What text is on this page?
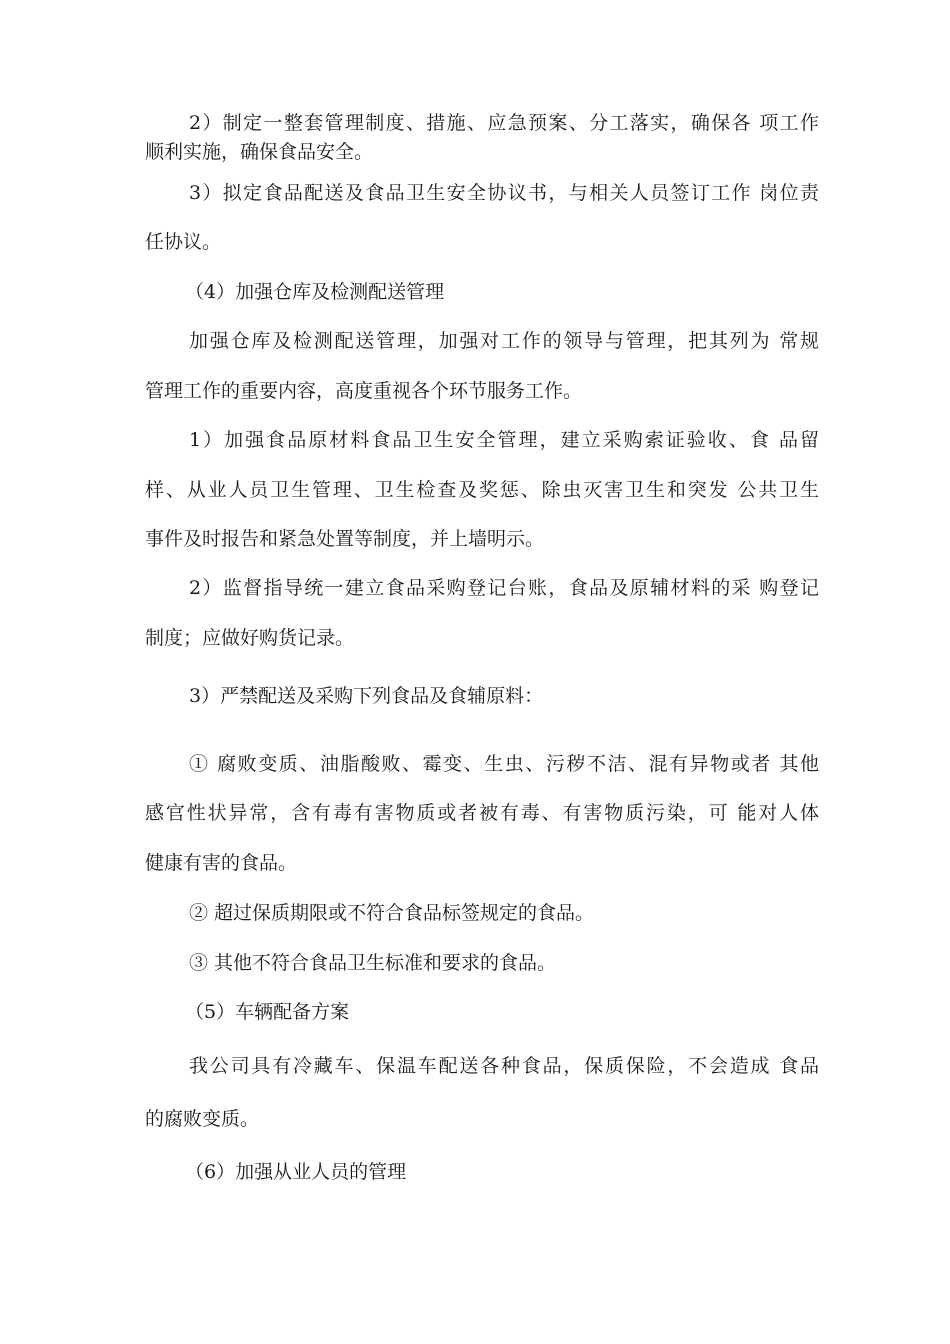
2）制定一整套管理制度、措施、应急预案、分工落实，确保各 项工作
顺利实施，确保食品安全。
3）拟定食品配送及食品卫生安全协议书，与相关人员签订工作 岗位责
任协议。
（4）加强仓库及检测配送管理
加强仓库及检测配送管理，加强对工作的领导与管理，把其列为 常规
管理工作的重要内容，高度重视各个环节服务工作。
1）加强食品原材料食品卫生安全管理，建立采购索证验收、食 品留
样、从业人员卫生管理、卫生检查及奖惩、除虫灭害卫生和突发 公共卫生
事件及时报告和紧急处置等制度，并上墙明示。
2）监督指导统一建立食品采购登记台账，食品及原辅材料的采 购登记
制度；应做好购货记录。
3）严禁配送及采购下列食品及食辅原料：
① 腐败变质、油脂酸败、霉变、生虫、污秽不洁、混有异物或者 其他
感官性状异常，含有毒有害物质或者被有毒、有害物质污染，可 能对人体
健康有害的食品。
② 超过保质期限或不符合食品标签规定的食品。
③ 其他不符合食品卫生标准和要求的食品。
（5）车辆配备方案
我公司具有冷藏车、保温车配送各种食品，保质保险，不会造成 食品
的腐败变质。
（6）加强从业人员的管理
